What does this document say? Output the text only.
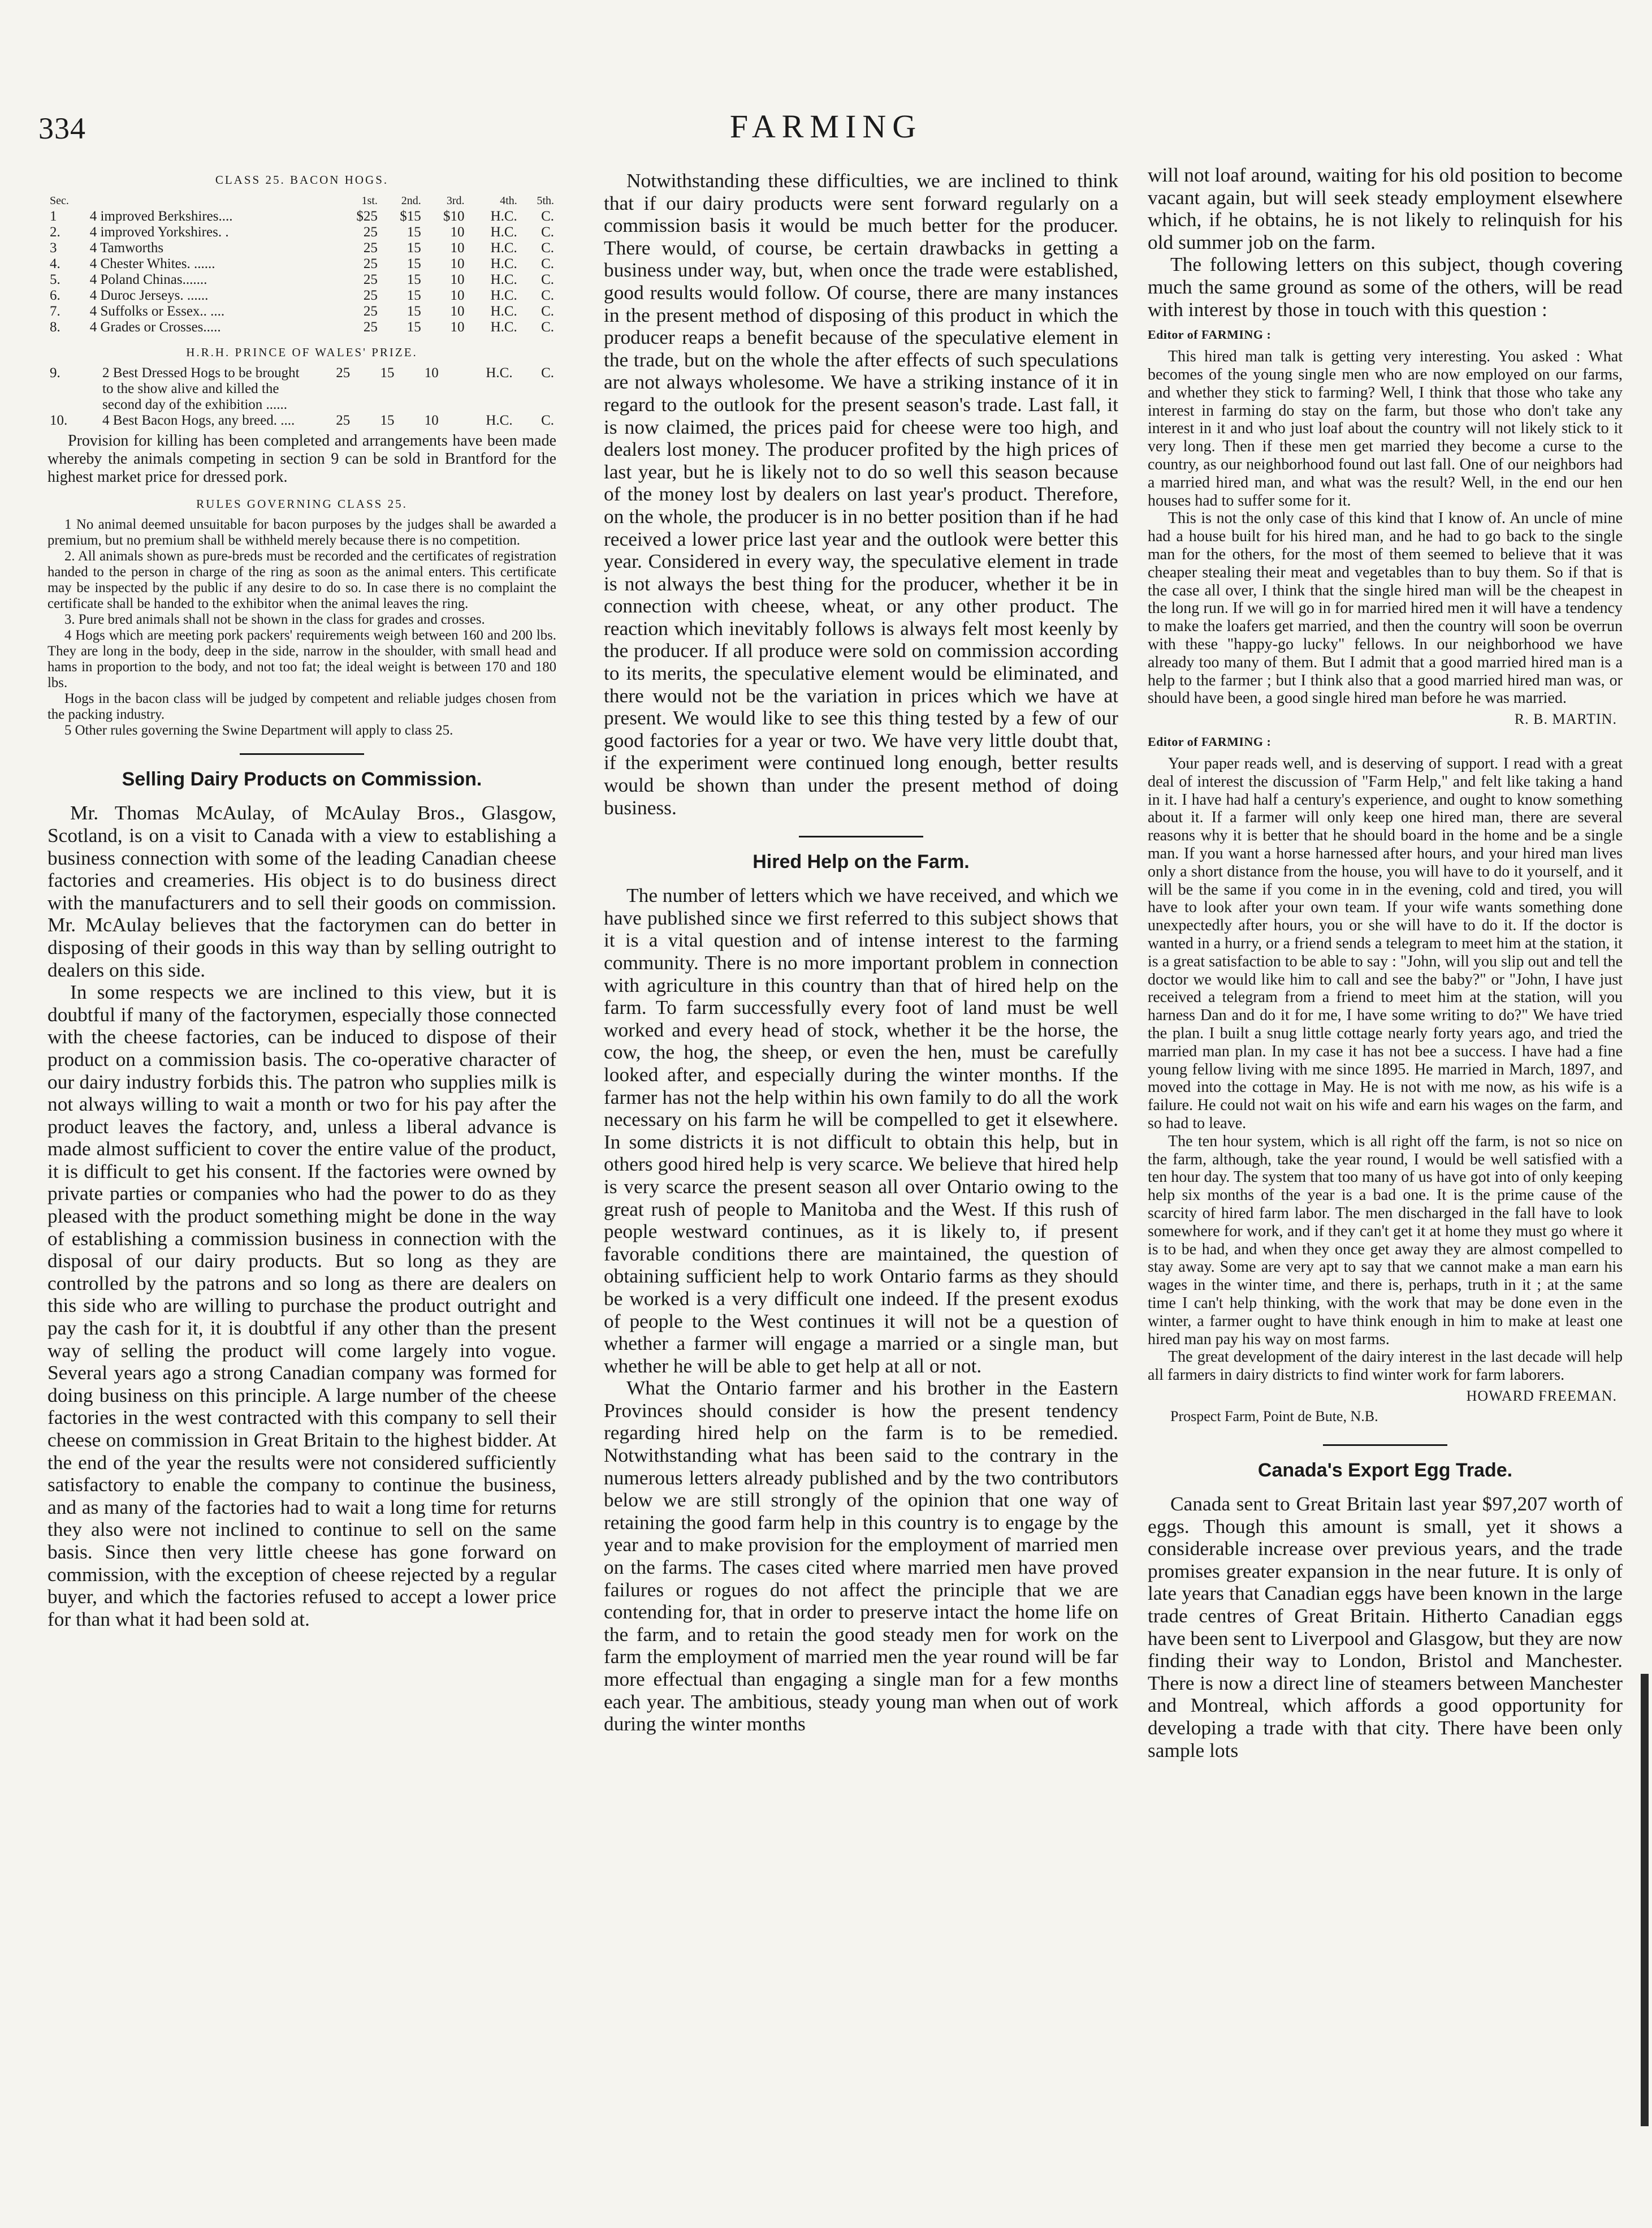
334	FARMING
CLASS 25. BACON HOGS.
Sec.		1st.	2nd.	3rd.	4th.	5th.
1	4 improved Berkshires....	$25	$15	$10	H.C.	C.
2.	4 improved Yorkshires. .	25	15	10	H.C.	C.
3	4 Tamworths	25	15	10	H.C.	C.
4.	4 Chester Whites. ......	25	15	10	H.C.	C.
5.	4 Poland Chinas.......	25	15	10	H.C.	C.
6.	4 Duroc Jerseys. ......	25	15	10	H.C.	C.
7.	4 Suffolks or Essex.. ....	25	15	10	H.C.	C.
8.	4 Grades or Crosses.....	25	15	10	H.C.	C.
H.R.H. PRINCE OF WALES' PRIZE.
9.	2 Best Dressed Hogs to be brought to the show alive and killed the second day of the exhibition ......	25	15	10	H.C.	C.
10.	4 Best Bacon Hogs, any breed. ....	25	15	10	H.C.	C.

Provision for killing has been completed and arrangements have been made whereby the animals competing in section 9 can be sold in Brantford for the highest market price for dressed pork.

RULES GOVERNING CLASS 25.

1 No animal deemed unsuitable for bacon purposes by the judges shall be awarded a premium, but no premium shall be withheld merely because there is no competition.

2. All animals shown as pure-breds must be recorded and the certificates of registration handed to the person in charge of the ring as soon as the animal enters. This certificate may be inspected by the public if any desire to do so. In case there is no complaint the certificate shall be handed to the exhibitor when the animal leaves the ring.

3. Pure bred animals shall not be shown in the class for grades and crosses.

4 Hogs which are meeting pork packers' requirements weigh between 160 and 200 lbs. They are long in the body, deep in the side, narrow in the shoulder, with small head and hams in proportion to the body, and not too fat; the ideal weight is between 170 and 180 lbs.

Hogs in the bacon class will be judged by competent and reliable judges chosen from the packing industry.

5 Other rules governing the Swine Department will apply to class 25.

Selling Dairy Products on Commission.

Mr. Thomas McAulay, of McAulay Bros., Glasgow, Scotland, is on a visit to Canada with a view to establishing a business connection with some of the leading Canadian cheese factories and creameries. His object is to do business direct with the manufacturers and to sell their goods on commission. Mr. McAulay believes that the factorymen can do better in disposing of their goods in this way than by selling outright to dealers on this side.

In some respects we are inclined to this view, but it is doubtful if many of the factorymen, especially those connected with the cheese factories, can be induced to dispose of their product on a commission basis. The co-operative character of our dairy industry forbids this. The patron who supplies milk is not always willing to wait a month or two for his pay after the product leaves the factory, and, unless a liberal advance is made almost sufficient to cover the entire value of the product, it is difficult to get his consent. If the factories were owned by private parties or companies who had the power to do as they pleased with the product something might be done in the way of establishing a commission business in connection with the disposal of our dairy products. But so long as they are controlled by the patrons and so long as there are dealers on this side who are willing to purchase the product outright and pay the cash for it, it is doubtful if any other than the present way of selling the product will come largely into vogue. Several years ago a strong Canadian company was formed for doing business on this principle. A large number of the cheese factories in the west contracted with this company to sell their cheese on commission in Great Britain to the highest bidder. At the end of the year the results were not considered sufficiently satisfactory to enable the company to continue the business, and as many of the factories had to wait a long time for returns they also were not inclined to continue to sell on the same basis. Since then very little cheese has gone forward on commission, with the exception of cheese rejected by a regular buyer, and which the factories refused to accept a lower price for than what it had been sold at.

Notwithstanding these difficulties, we are inclined to think that if our dairy products were sent forward regularly on a commission basis it would be much better for the producer. There would, of course, be certain drawbacks in getting a business under way, but, when once the trade were established, good results would follow. Of course, there are many instances in the present method of disposing of this product in which the producer reaps a benefit because of the speculative element in the trade, but on the whole the after effects of such speculations are not always wholesome. We have a striking instance of it in regard to the outlook for the present season's trade. Last fall, it is now claimed, the prices paid for cheese were too high, and dealers lost money. The producer profited by the high prices of last year, but he is likely not to do so well this season because of the money lost by dealers on last year's product. Therefore, on the whole, the producer is in no better position than if he had received a lower price last year and the outlook were better this year. Considered in every way, the speculative element in trade is not always the best thing for the producer, whether it be in connection with cheese, wheat, or any other product. The reaction which inevitably follows is always felt most keenly by the producer. If all produce were sold on commission according to its merits, the speculative element would be eliminated, and there would not be the variation in prices which we have at present. We would like to see this thing tested by a few of our good factories for a year or two. We have very little doubt that, if the experiment were continued long enough, better results would be shown than under the present method of doing business.

Hired Help on the Farm.

The number of letters which we have received, and which we have published since we first referred to this subject shows that it is a vital question and of intense interest to the farming community. There is no more important problem in connection with agriculture in this country than that of hired help on the farm. To farm successfully every foot of land must be well worked and every head of stock, whether it be the horse, the cow, the hog, the sheep, or even the hen, must be carefully looked after, and especially during the winter months. If the farmer has not the help within his own family to do all the work necessary on his farm he will be compelled to get it elsewhere. In some districts it is not difficult to obtain this help, but in others good hired help is very scarce. We believe that hired help is very scarce the present season all over Ontario owing to the great rush of people to Manitoba and the West. If this rush of people westward continues, as it is likely to, if present favorable conditions there are maintained, the question of obtaining sufficient help to work Ontario farms as they should be worked is a very difficult one indeed. If the present exodus of people to the West continues it will not be a question of whether a farmer will engage a married or a single man, but whether he will be able to get help at all or not.

What the Ontario farmer and his brother in the Eastern Provinces should consider is how the present tendency regarding hired help on the farm is to be remedied. Notwithstanding what has been said to the contrary in the numerous letters already published and by the two contributors below we are still strongly of the opinion that one way of retaining the good farm help in this country is to engage by the year and to make provision for the employment of married men on the farms. The cases cited where married men have proved failures or rogues do not affect the principle that we are contending for, that in order to preserve intact the home life on the farm, and to retain the good steady men for work on the farm the employment of married men the year round will be far more effectual than engaging a single man for a few months each year. The ambitious, steady young man when out of work during the winter months

will not loaf around, waiting for his old position to become vacant again, but will seek steady employment elsewhere which, if he obtains, he is not likely to relinquish for his old summer job on the farm.

The following letters on this subject, though covering much the same ground as some of the others, will be read with interest by those in touch with this question :

Editor of FARMING :

This hired man talk is getting very interesting. You asked : What becomes of the young single men who are now employed on our farms, and whether they stick to farming? Well, I think that those who take any interest in farming do stay on the farm, but those who don't take any interest in it and who just loaf about the country will not likely stick to it very long. Then if these men get married they become a curse to the country, as our neighborhood found out last fall. One of our neighbors had a married hired man, and what was the result? Well, in the end our hen houses had to suffer some for it.

This is not the only case of this kind that I know of. An uncle of mine had a house built for his hired man, and he had to go back to the single man for the others, for the most of them seemed to believe that it was cheaper stealing their meat and vegetables than to buy them. So if that is the case all over, I think that the single hired man will be the cheapest in the long run. If we will go in for married hired men it will have a tendency to make the loafers get married, and then the country will soon be overrun with these "happy-go lucky" fellows. In our neighborhood we have already too many of them. But I admit that a good married hired man is a help to the farmer ; but I think also that a good married hired man was, or should have been, a good single hired man before he was married.

R. B. MARTIN.
Editor of FARMING :

Your paper reads well, and is deserving of support. I read with a great deal of interest the discussion of "Farm Help," and felt like taking a hand in it. I have had half a century's experience, and ought to know something about it. If a farmer will only keep one hired man, there are several reasons why it is better that he should board in the home and be a single man. If you want a horse harnessed after hours, and your hired man lives only a short distance from the house, you will have to do it yourself, and it will be the same if you come in in the evening, cold and tired, you will have to look after your own team. If your wife wants something done unexpectedly after hours, you or she will have to do it. If the doctor is wanted in a hurry, or a friend sends a telegram to meet him at the station, it is a great satisfaction to be able to say : "John, will you slip out and tell the doctor we would like him to call and see the baby?" or "John, I have just received a telegram from a friend to meet him at the station, will you harness Dan and do it for me, I have some writing to do?" We have tried the plan. I built a snug little cottage nearly forty years ago, and tried the married man plan. In my case it has not bee a success. I have had a fine young fellow living with me since 1895. He married in March, 1897, and moved into the cottage in May. He is not with me now, as his wife is a failure. He could not wait on his wife and earn his wages on the farm, and so had to leave.

The ten hour system, which is all right off the farm, is not so nice on the farm, although, take the year round, I would be well satisfied with a ten hour day. The system that too many of us have got into of only keeping help six months of the year is a bad one. It is the prime cause of the scarcity of hired farm labor. The men discharged in the fall have to look somewhere for work, and if they can't get it at home they must go where it is to be had, and when they once get away they are almost compelled to stay away. Some are very apt to say that we cannot make a man earn his wages in the winter time, and there is, perhaps, truth in it ; at the same time I can't help thinking, with the work that may be done even in the winter, a farmer ought to have think enough in him to make at least one hired man pay his way on most farms.

The great development of the dairy interest in the last decade will help all farmers in dairy districts to find winter work for farm laborers.

HOWARD FREEMAN.
Prospect Farm, Point de Bute, N.B.
Canada's Export Egg Trade.

Canada sent to Great Britain last year $97,207 worth of eggs. Though this amount is small, yet it shows a considerable increase over previous years, and the trade promises greater expansion in the near future. It is only of late years that Canadian eggs have been known in the large trade centres of Great Britain. Hitherto Canadian eggs have been sent to Liverpool and Glasgow, but they are now finding their way to London, Bristol and Manchester. There is now a direct line of steamers between Manchester and Montreal, which affords a good opportunity for developing a trade with that city. There have been only sample lots
